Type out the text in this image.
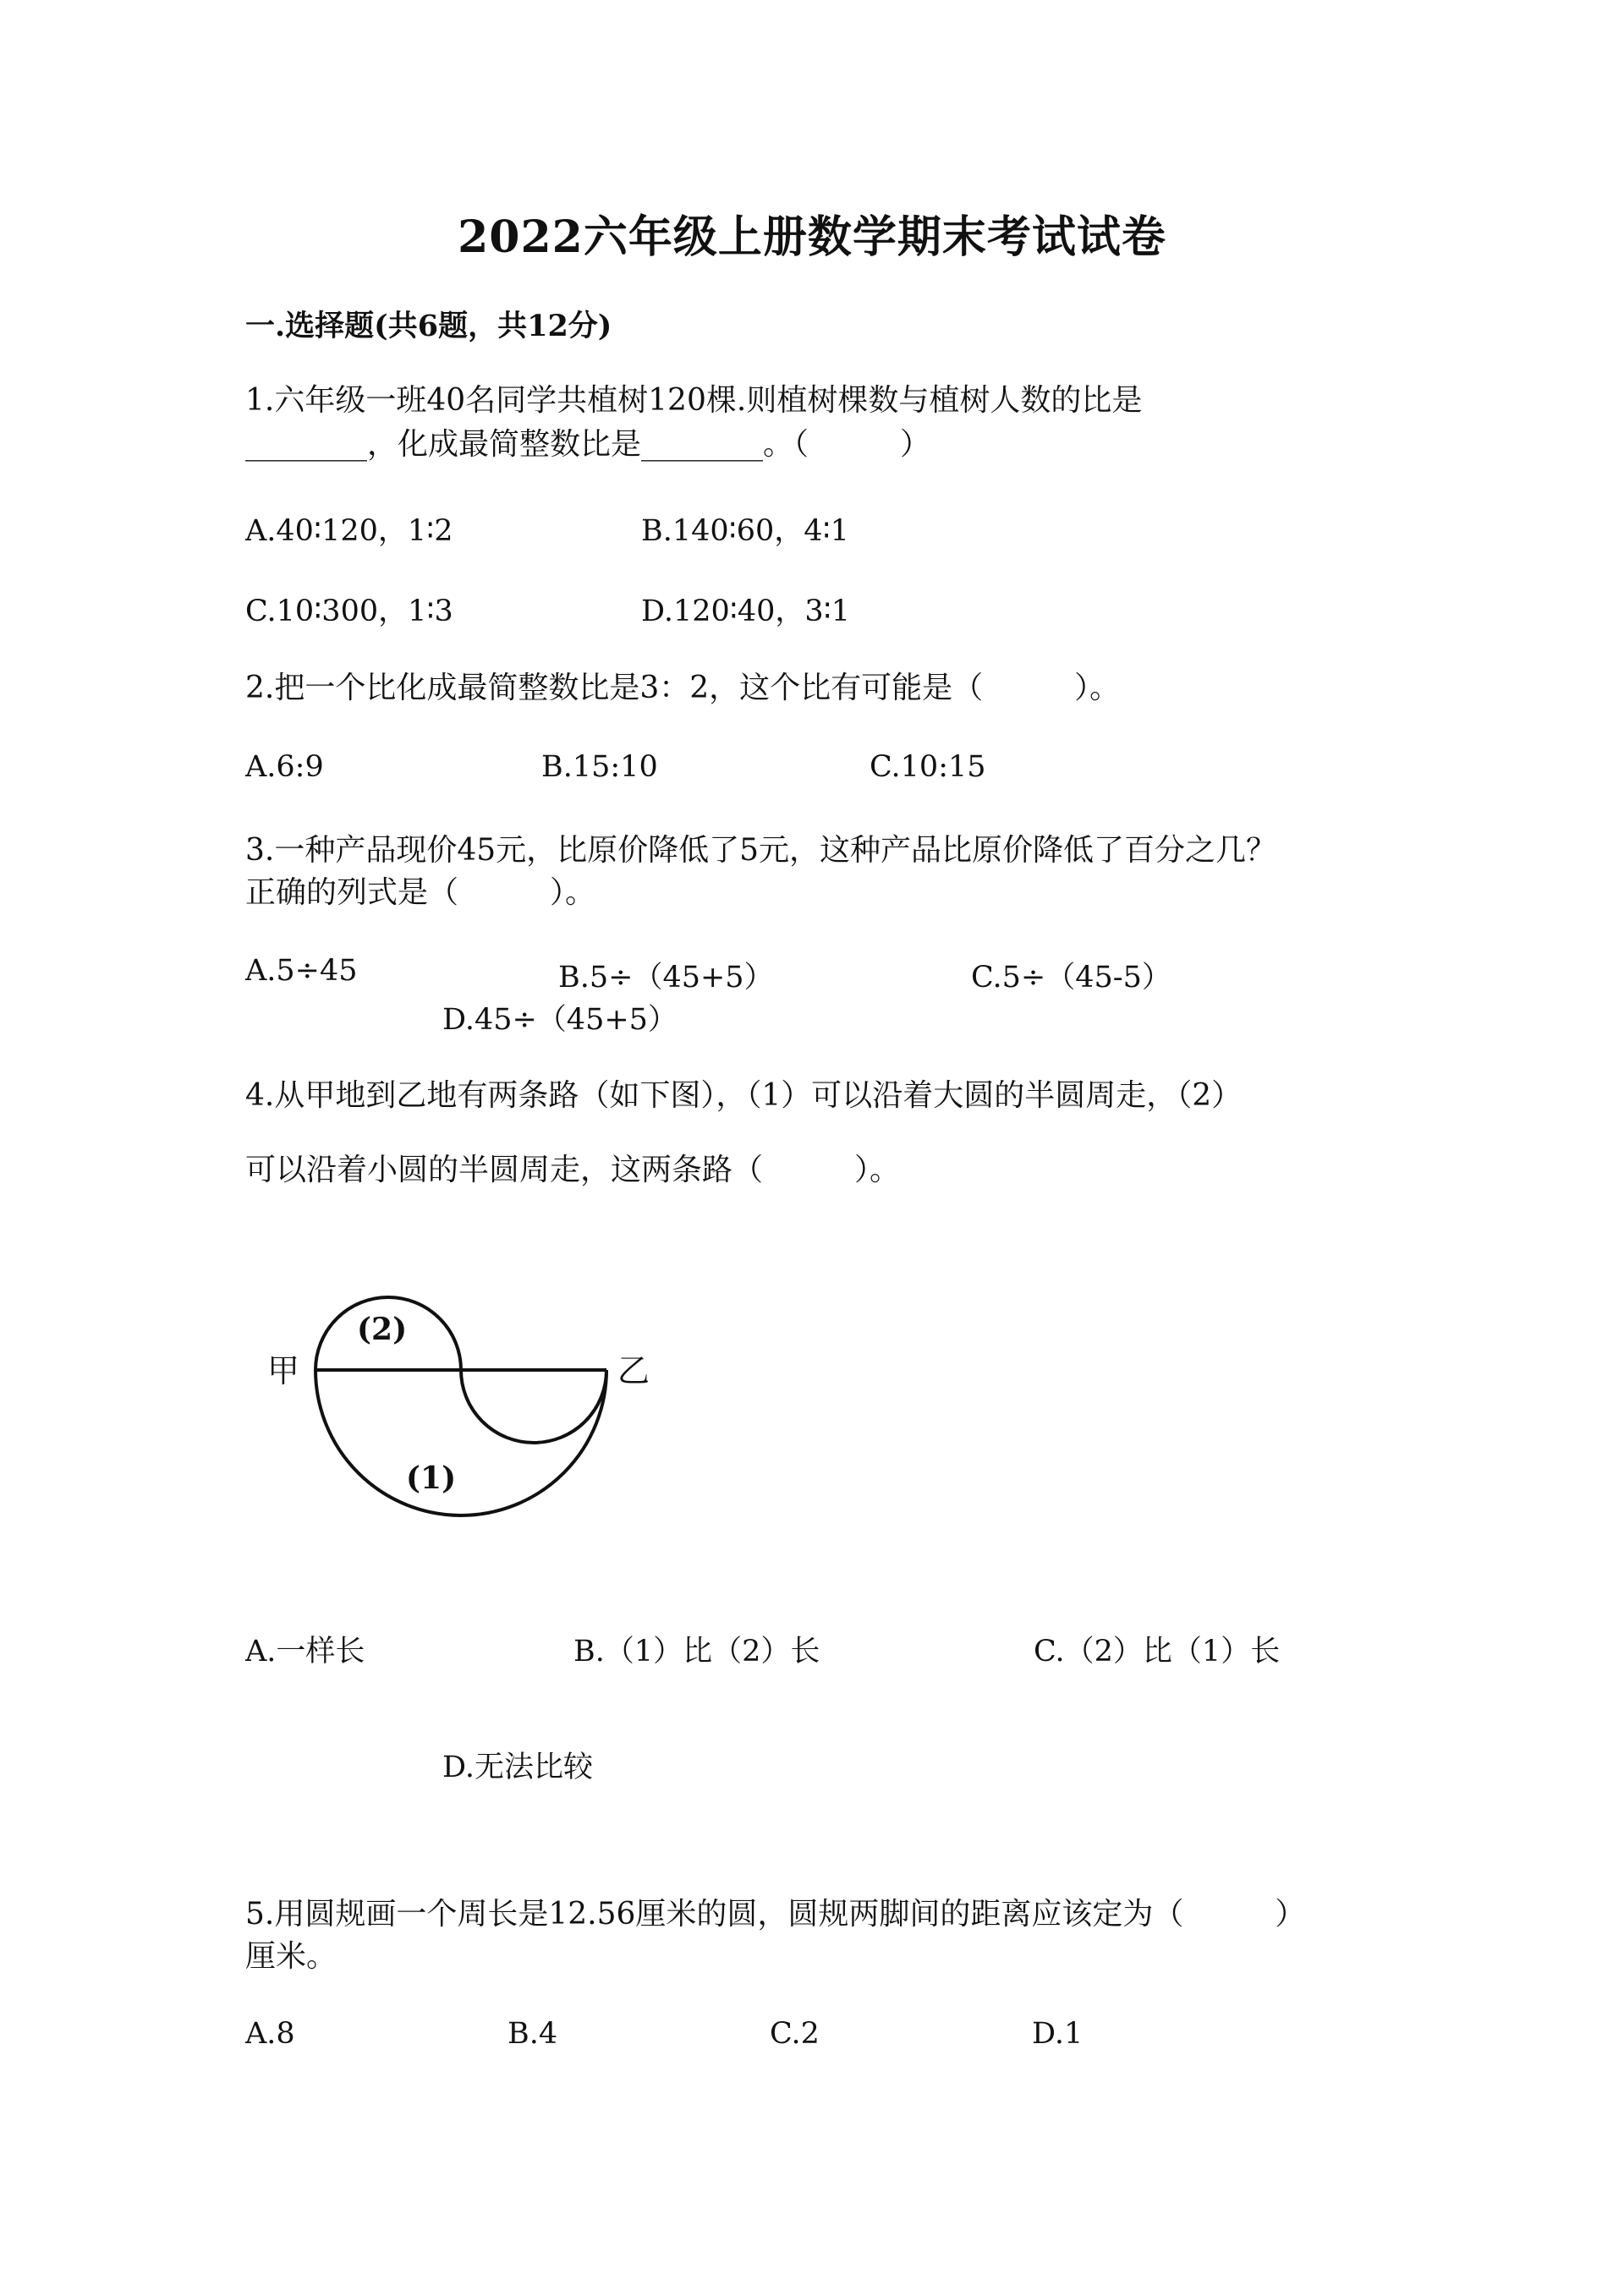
2022六年级上册数学期末考试试卷
一.选择题(共6题，共12分)
1.六年级一班40名同学共植树120棵.则植树棵数与植树人数的比是
________，化成最简整数比是________。（　　　）
A.40∶120，1∶2	B.140∶60，4∶1
C.10∶300，1∶3	D.120∶40，3∶1
2.把一个比化成最简整数比是3：2，这个比有可能是（　　　）。
A.6:9	B.15:10	C.10:15
3.一种产品现价45元，比原价降低了5元，这种产品比原价降低了百分之几？
正确的列式是（　　　）。
A.5÷45	B.5÷（45+5）	C.5÷（45-5）
D.45÷（45+5）
4.从甲地到乙地有两条路（如下图），（1）可以沿着大圆的半圆周走，（2）
可以沿着小圆的半圆周走，这两条路（　　　）。
甲	乙
(2)
(1)
A.一样长	B.（1）比（2）长	C.（2）比（1）长
D.无法比较
5.用圆规画一个周长是12.56厘米的圆，圆规两脚间的距离应该定为（　　　）
厘米。
A.8	B.4	C.2	D.1
